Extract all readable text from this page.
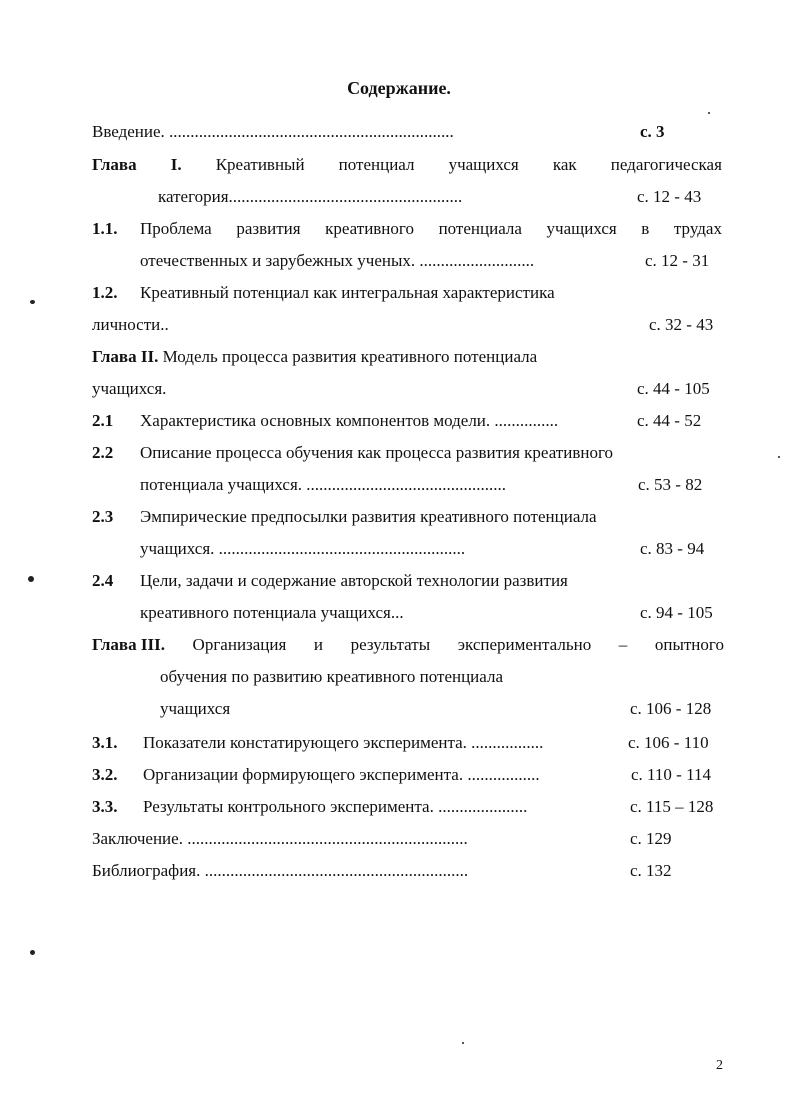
Содержание.
Введение. ...................................................................	с. 3
Глава I. Креативный потенциал учащихся как педагогическая
категория.......................................................	с. 12 - 43
1.1. Проблема развития креативного потенциала учащихся в трудах
отечественных и зарубежных ученых. ...........................	с. 12 - 31
1.2. Креативный потенциал как интегральная характеристика
личности..	с. 32 - 43
Глава II. Модель процесса развития креативного потенциала
учащихся.	с. 44 - 105
2.1 Характеристика основных компонентов модели. ...............	с. 44 - 52
2.2 Описание процесса обучения как процесса развития креативного
потенциала учащихся. ...............................................	с. 53 - 82
2.3 Эмпирические предпосылки развития креативного потенциала
учащихся. ..........................................................	с. 83 - 94
2.4 Цели, задачи и содержание авторской технологии развития
креативного потенциала учащихся...	с. 94 - 105
Глава III. Организация и результаты экспериментально – опытного
обучения по развитию креативного потенциала
учащихся	с. 106 - 128
3.1. Показатели констатирующего эксперимента. .................	с. 106 - 110
3.2. Организации формирующего эксперимента. .................	с. 110 - 114
3.3. Результаты контрольного эксперимента. .....................	с. 115 – 128
Заключение. ..................................................................	с. 129
Библиография. ..............................................................	с. 132
2
